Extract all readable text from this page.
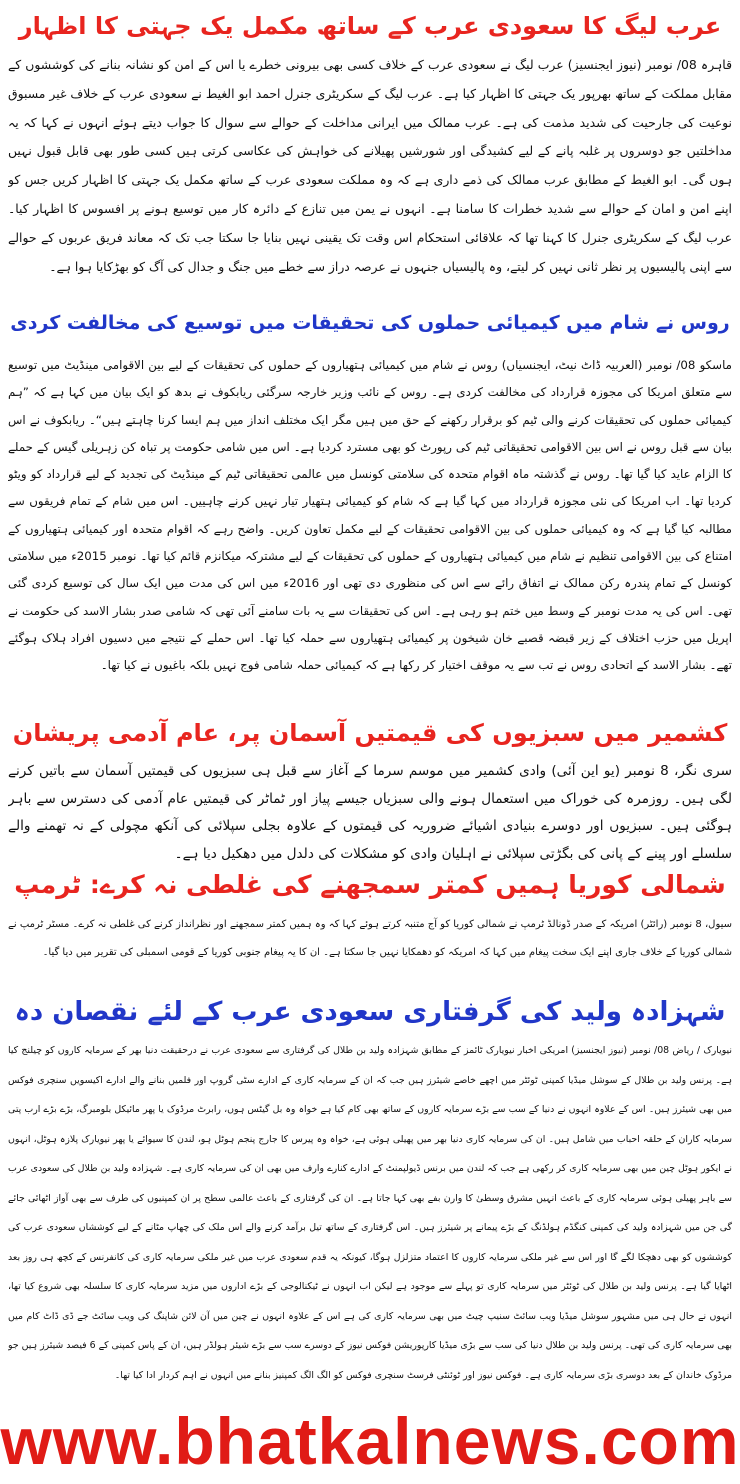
عرب لیگ کا سعودی عرب کے ساتھ مکمل یک جہتی کا اظہار

قاہرہ 08/ نومبر (نیوز ایجنسیز) عرب لیگ نے سعودی عرب کے خلاف کسی بھی بیرونی خطرے یا اس کے امن کو نشانہ بنانے کی کوششوں کے مقابل مملکت کے ساتھ بھرپور یک جہتی کا اظہار کیا ہے۔ عرب لیگ کے سکریٹری جنرل احمد ابو الغیط نے سعودی عرب کے خلاف غیر مسبوق نوعیت کی جارحیت کی شدید مذمت کی ہے۔ عرب ممالک میں ایرانی مداخلت کے حوالے سے سوال کا جواب دیتے ہوئے انہوں نے کہا کہ یہ مداخلتیں جو دوسروں پر غلبہ پانے کے لیے کشیدگی اور شورشیں پھیلانے کی خواہش کی عکاسی کرتی ہیں کسی طور بھی قابل قبول نہیں ہوں گی۔ ابو الغیط کے مطابق عرب ممالک کی ذمے داری ہے کہ وہ مملکت سعودی عرب کے ساتھ مکمل یک جہتی کا اظہار کریں جس کو اپنے امن و امان کے حوالے سے شدید خطرات کا سامنا ہے۔ انہوں نے یمن میں تنازع کے دائرہ کار میں توسیع ہونے پر افسوس کا اظہار کیا۔ عرب لیگ کے سکریٹری جنرل کا کہنا تھا کہ علاقائی استحکام اس وقت تک یقینی نہیں بنایا جا سکتا جب تک کہ معاند فریق عربوں کے حوالے سے اپنی پالیسیوں پر نظر ثانی نہیں کر لیتے، وہ پالیسیاں جنہوں نے عرصہ دراز سے خطے میں جنگ و جدال کی آگ کو بھڑکایا ہوا ہے۔

روس نے شام میں کیمیائی حملوں کی تحقیقات میں توسیع کی مخالفت کردی

ماسکو 08/ نومبر (العربیہ ڈاٹ نیٹ، ایجنسیاں) روس نے شام میں کیمیائی ہتھیاروں کے حملوں کی تحقیقات کے لیے بین الاقوامی مینڈیٹ میں توسیع سے متعلق امریکا کی مجوزہ قرارداد کی مخالفت کردی ہے۔ روس کے نائب وزیر خارجہ سرگئی ریابکوف نے بدھ کو ایک بیان میں کہا ہے کہ ”ہم کیمیائی حملوں کی تحقیقات کرنے والی ٹیم کو برقرار رکھنے کے حق میں ہیں مگر ایک مختلف انداز میں ہم ایسا کرنا چاہتے ہیں“۔ ریابکوف نے اس بیان سے قبل روس نے اس بین الاقوامی تحقیقاتی ٹیم کی رپورٹ کو بھی مسترد کردیا ہے۔ اس میں شامی حکومت پر تباہ کن زہریلی گیس کے حملے کا الزام عاید کیا گیا تھا۔ روس نے گذشتہ ماہ اقوام متحدہ کی سلامتی کونسل میں عالمی تحقیقاتی ٹیم کے مینڈیٹ کی تجدید کے لیے قرارداد کو ویٹو کردیا تھا۔ اب امریکا کی نئی مجوزہ قرارداد میں کہا گیا ہے کہ شام کو کیمیائی ہتھیار تیار نہیں کرنے چاہییں۔ اس میں شام کے تمام فریقوں سے مطالبہ کیا گیا ہے کہ وہ کیمیائی حملوں کی بین الاقوامی تحقیقات کے لیے مکمل تعاون کریں۔ واضح رہے کہ اقوام متحدہ اور کیمیائی ہتھیاروں کے امتناع کی بین الاقوامی تنظیم نے شام میں کیمیائی ہتھیاروں کے حملوں کی تحقیقات کے لیے مشترکہ میکانزم قائم کیا تھا۔ نومبر 2015ء میں سلامتی کونسل کے تمام پندرہ رکن ممالک نے اتفاق رائے سے اس کی منظوری دی تھی اور 2016ء میں اس کی مدت میں ایک سال کی توسیع کردی گئی تھی۔ اس کی یہ مدت نومبر کے وسط میں ختم ہو رہی ہے۔ اس کی تحقیقات سے یہ بات سامنے آئی تھی کہ شامی صدر بشار الاسد کی حکومت نے اپریل میں حزب اختلاف کے زیر قبضہ قصبے خان شیخون پر کیمیائی ہتھیاروں سے حملہ کیا تھا۔ اس حملے کے نتیجے میں دسیوں افراد ہلاک ہوگئے تھے۔ بشار الاسد کے اتحادی روس نے تب سے یہ موقف اختیار کر رکھا ہے کہ کیمیائی حملہ شامی فوج نہیں بلکہ باغیوں نے کیا تھا۔

کشمیر میں سبزیوں کی قیمتیں آسمان پر، عام آدمی پریشان

سری نگر، 8 نومبر (یو این آئی) وادی کشمیر میں موسم سرما کے آغاز سے قبل ہی سبزیوں کی قیمتیں آسمان سے باتیں کرنے لگی ہیں۔ روزمرہ کی خوراک میں استعمال ہونے والی سبزیاں جیسے پیاز اور ٹماٹر کی قیمتیں عام آدمی کی دسترس سے باہر ہوگئی ہیں۔ سبزیوں اور دوسرے بنیادی اشیائے ضروریہ کی قیمتوں کے علاوہ بجلی سپلائی کی آنکھ مچولی کے نہ تھمنے والے سلسلے اور پینے کے پانی کی بگڑتی سپلائی نے اہلیان وادی کو مشکلات کی دلدل میں دھکیل دیا ہے۔

شمالی کوریا ہمیں کمتر سمجھنے کی غلطی نہ کرے: ٹرمپ

سیول، 8 نومبر (رائٹر) امریکہ کے صدر ڈونالڈ ٹرمپ نے شمالی کوریا کو آج متنبہ کرتے ہوئے کہا کہ وہ ہمیں کمتر سمجھنے اور نظرانداز کرنے کی غلطی نہ کرے۔ مسٹر ٹرمپ نے شمالی کوریا کے خلاف جاری اپنے ایک سخت پیغام میں کہا کہ امریکہ کو دھمکایا نہیں جا سکتا ہے۔ ان کا یہ پیغام جنوبی کوریا کے قومی اسمبلی کی تقریر میں دیا گیا۔

شہزادہ ولید کی گرفتاری سعودی عرب کے لئے نقصان دہ

نیویارک / ریاض 08/ نومبر (نیوز ایجنسیز) امریکی اخبار نیویارک ٹائمز کے مطابق شہزادہ ولید بن طلال کی گرفتاری سے سعودی عرب نے درحقیقت دنیا بھر کے سرمایہ کاروں کو چیلنج کیا ہے۔ پرنس ولید بن طلال کے سوشل میڈیا کمپنی ٹوئٹر میں اچھے خاصے شیئرز ہیں جب کہ ان کے سرمایہ کاری کے ادارے سٹی گروپ اور فلمیں بنانے والے ادارے اکیسویں سنچری فوکس میں بھی شیئرز ہیں۔ اس کے علاوہ انہوں نے دنیا کے سب سے بڑے سرمایہ کاروں کے ساتھ بھی کام کیا ہے خواہ وہ بل گیٹس ہوں، رابرٹ مرڈوک یا پھر مائیکل بلومبرگ، بڑے بڑے ارب پتی سرمایہ کاران کے حلقہ احباب میں شامل ہیں۔ ان کی سرمایہ کاری دنیا بھر میں پھیلی ہوئی ہے، خواہ وہ پیرس کا جارج پنجم ہوٹل ہو، لندن کا سیوائے یا پھر نیویارک پلازہ ہوٹل، انہوں نے ایکور ہوٹل چین میں بھی سرمایہ کاری کر رکھی ہے جب کہ لندن میں برنس ڈیولپمنٹ کے ادارے کنارے وارف میں بھی ان کی سرمایہ کاری ہے۔ شہزادہ ولید بن طلال کی سعودی عرب سے باہر پھیلی ہوئی سرمایہ کاری کے باعث انہیں مشرق وسطیٰ کا وارن بفے بھی کہا جاتا ہے۔ ان کی گرفتاری کے باعث عالمی سطح پر ان کمپنیوں کی طرف سے بھی آواز اٹھائی جائے گی جن میں شہزادہ ولید کی کمپنی کنگڈم ہولڈنگ کے بڑے پیمانے پر شیئرز ہیں۔ اس گرفتاری کے ساتھ تیل برآمد کرنے والے اس ملک کی چھاپ مٹانے کے لیے کوششاں سعودی عرب کی کوششوں کو بھی دھچکا لگے گا اور اس سے غیر ملکی سرمایہ کاروں کا اعتماد متزلزل ہوگا، کیونکہ یہ قدم سعودی عرب میں غیر ملکی سرمایہ کاری کی کانفرنس کے کچھ ہی روز بعد اٹھایا گیا ہے۔ پرنس ولید بن طلال کی ٹوئٹر میں سرمایہ کاری تو پہلے سے موجود ہے لیکن اب انہوں نے ٹیکنالوجی کے بڑے اداروں میں مزید سرمایہ کاری کا سلسلہ بھی شروع کیا تھا، انہوں نے حال ہی میں مشہور سوشل میڈیا ویب سائٹ سنیپ چیٹ میں بھی سرمایہ کاری کی ہے اس کے علاوہ انہوں نے چین میں آن لائن شاپنگ کی ویب سائٹ جے ڈی ڈاٹ کام میں بھی سرمایہ کاری کی تھی۔ پرنس ولید بن طلال دنیا کی سب سے بڑی میڈیا کارپوریشن فوکس نیوز کے دوسرے سب سے بڑے شیئر ہولڈر ہیں، ان کے پاس کمپنی کے 6 فیصد شیئرز ہیں جو مرڈوک خاندان کے بعد دوسری بڑی سرمایہ کاری ہے۔ فوکس نیوز اور ٹوئنٹی فرسٹ سنچری فوکس کو الگ الگ کمپنیز بنانے میں انہوں نے اہم کردار ادا کیا تھا۔

www.bhatkalnews.com
